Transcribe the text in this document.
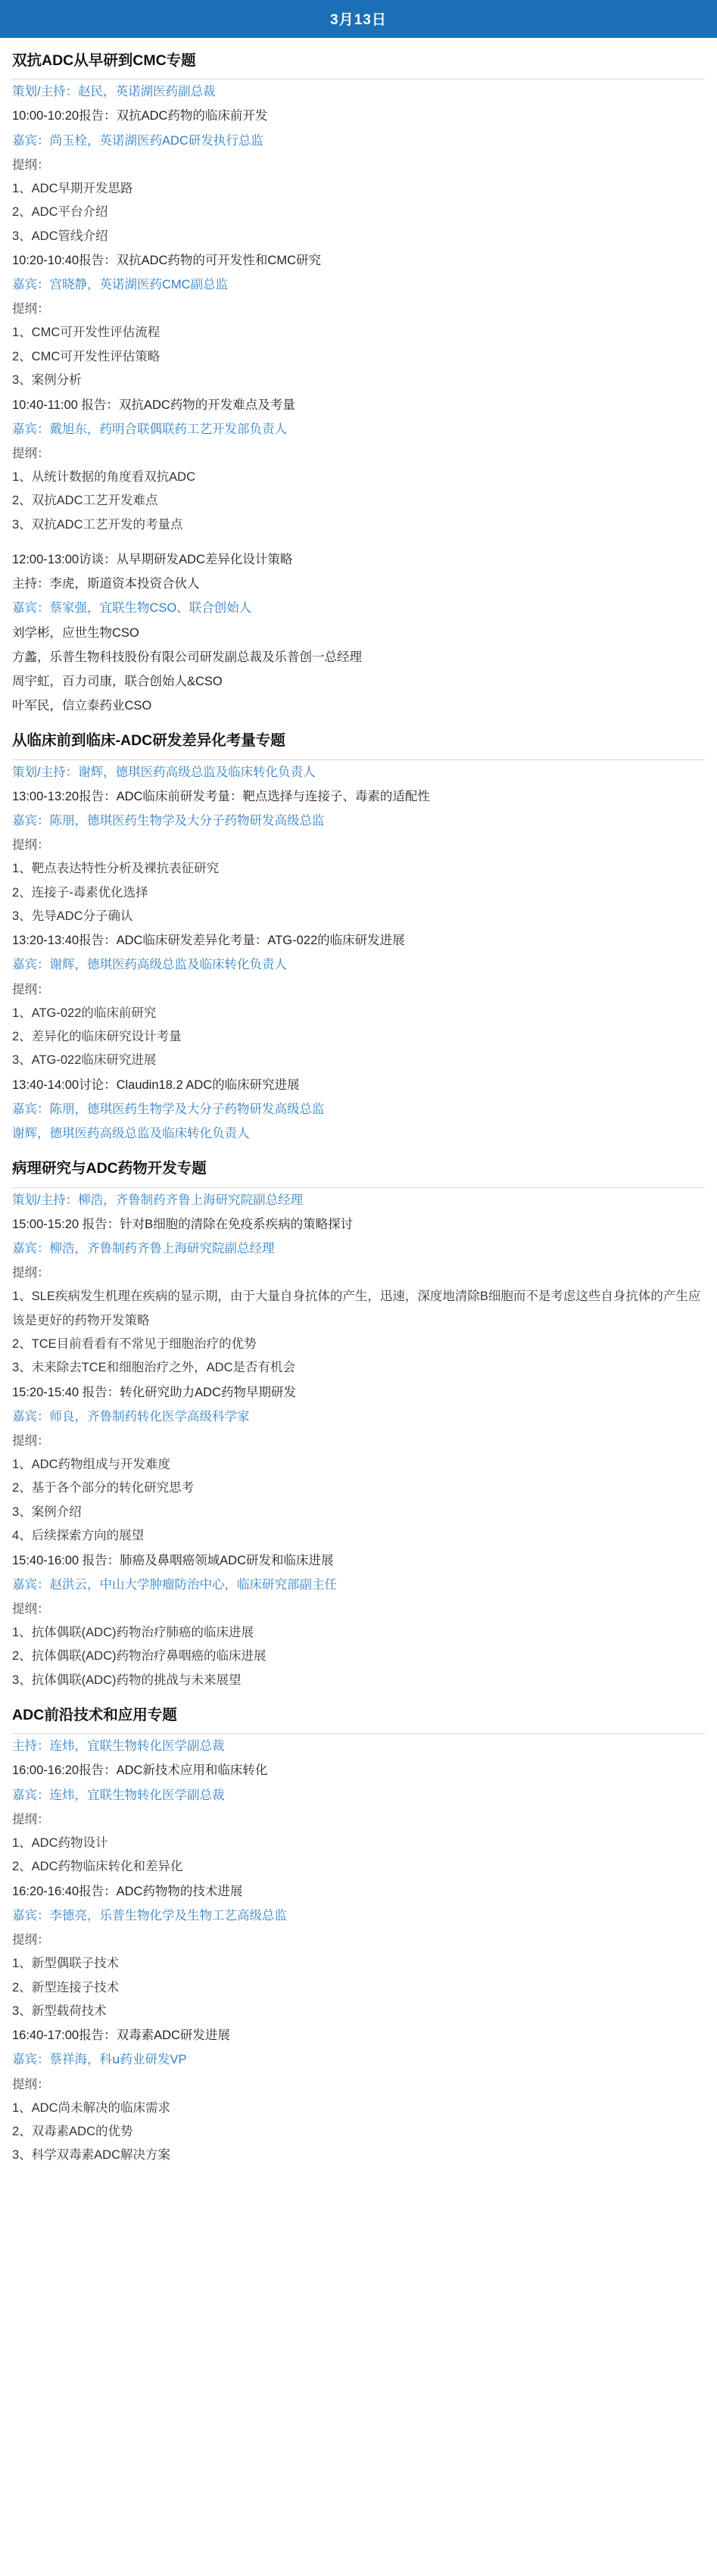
3月13日
双抗ADC从早研到CMC专题
策划/主持：赵民，英诺湖医药副总裁
10:00-10:20报告：双抗ADC药物的临床前开发
嘉宾：尚玉栓，英诺湖医药ADC研发执行总监
提纲：
1、ADC早期开发思路
2、ADC平台介绍
3、ADC管线介绍
10:20-10:40报告：双抗ADC药物的可开发性和CMC研究
嘉宾：宫晓静，英诺湖医药CMC副总监
提纲：
1、CMC可开发性评估流程
2、CMC可开发性评估策略
3、案例分析
10:40-11:00 报告：双抗ADC药物的开发难点及考量
嘉宾：戴旭东，药明合联偶联药工艺开发部负责人
提纲：
1、从统计数据的角度看双抗ADC
2、双抗ADC工艺开发难点
3、双抗ADC工艺开发的考量点
12:00-13:00访谈：从早期研发ADC差异化设计策略
主持：李虎，斯道资本投资合伙人
嘉宾：蔡家强，宜联生物CSO、联合创始人
刘学彬，应世生物CSO
方蠡，乐普生物科技股份有限公司研发副总裁及乐普创一总经理
周宇虹，百力司康，联合创始人&CSO
叶军民，信立泰药业CSO
从临床前到临床-ADC研发差异化考量专题
策划/主持：谢辉，德琪医药高级总监及临床转化负责人
13:00-13:20报告：ADC临床前研发考量：靶点选择与连接子、毒素的适配性
嘉宾：陈朋，德琪医药生物学及大分子药物研发高级总监
提纲：
1、靶点表达特性分析及裸抗表征研究
2、连接子-毒素优化选择
3、先导ADC分子确认
13:20-13:40报告：ADC临床研发差异化考量：ATG-022的临床研发进展
嘉宾：谢辉，德琪医药高级总监及临床转化负责人
提纲：
1、ATG-022的临床前研究
2、差异化的临床研究设计考量
3、ATG-022临床研究进展
13:40-14:00讨论：Claudin18.2 ADC的临床研究进展
嘉宾：陈朋，德琪医药生物学及大分子药物研发高级总监
谢辉，德琪医药高级总监及临床转化负责人
病理研究与ADC药物开发专题
策划/主持：柳浩，齐鲁制药齐鲁上海研究院副总经理
15:00-15:20 报告：针对B细胞的清除在免疫系疾病的策略探讨
嘉宾：柳浩，齐鲁制药齐鲁上海研究院副总经理
提纲：
1、SLE疾病发生机理在疾病的显示期，由于大量自身抗体的产生，迅速，深度地清除B细胞而不是考虑这些自身抗体的产生应该是更好的药物开发策略
2、TCE目前看看有不常见于细胞治疗的优势
3、未来除去TCE和细胞治疗之外，ADC是否有机会
15:20-15:40 报告：转化研究助力ADC药物早期研发
嘉宾：师良，齐鲁制药转化医学高级科学家
提纲：
1、ADC药物组成与开发难度
2、基于各个部分的转化研究思考
3、案例介绍
4、后续探索方向的展望
15:40-16:00 报告：肺癌及鼻咽癌领域ADC研发和临床进展
嘉宾：赵洪云，中山大学肿瘤防治中心，临床研究部副主任
提纲：
1、抗体偶联(ADC)药物治疗肺癌的临床进展
2、抗体偶联(ADC)药物治疗鼻咽癌的临床进展
3、抗体偶联(ADC)药物的挑战与未来展望
ADC前沿技术和应用专题
主持：连炜，宜联生物转化医学副总裁
16:00-16:20报告：ADC新技术应用和临床转化
嘉宾：连炜，宜联生物转化医学副总裁
提纲：
1、ADC药物设计
2、ADC药物临床转化和差异化
16:20-16:40报告：ADC药物物的技术进展
嘉宾：李德亮，乐普生物化学及生物工艺高级总监
提纲：
1、新型偶联子技术
2、新型连接子技术
3、新型载荷技术
16:40-17:00报告：双毒素ADC研发进展
嘉宾：蔡祥海，科ս药业研发VP
提纲：
1、ADC尚未解决的临床需求
2、双毒素ADC的优势
3、科学双毒素ADC解决方案
